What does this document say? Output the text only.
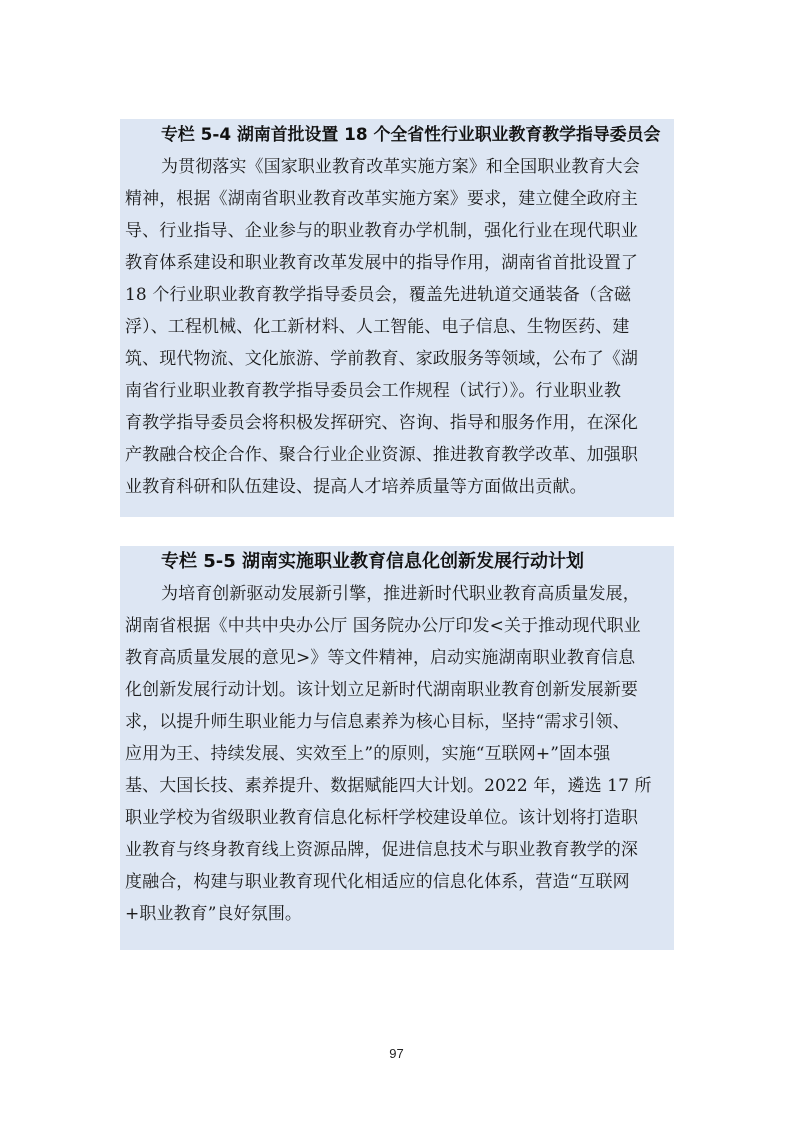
专栏 5-4 湖南首批设置 18 个全省性行业职业教育教学指导委员会
为贯彻落实《国家职业教育改革实施方案》和全国职业教育大会
精神，根据《湖南省职业教育改革实施方案》要求，建立健全政府主
导、行业指导、企业参与的职业教育办学机制，强化行业在现代职业
教育体系建设和职业教育改革发展中的指导作用，湖南省首批设置了
18 个行业职业教育教学指导委员会，覆盖先进轨道交通装备（含磁
浮）、工程机械、化工新材料、人工智能、电子信息、生物医药、建
筑、现代物流、文化旅游、学前教育、家政服务等领域，公布了《湖
南省行业职业教育教学指导委员会工作规程（试行）》。行业职业教
育教学指导委员会将积极发挥研究、咨询、指导和服务作用，在深化
产教融合校企合作、聚合行业企业资源、推进教育教学改革、加强职
业教育科研和队伍建设、提高人才培养质量等方面做出贡献。
专栏 5-5 湖南实施职业教育信息化创新发展行动计划
为培育创新驱动发展新引擎，推进新时代职业教育高质量发展，
湖南省根据《中共中央办公厅 国务院办公厅印发<关于推动现代职业
教育高质量发展的意见>》等文件精神，启动实施湖南职业教育信息
化创新发展行动计划。该计划立足新时代湖南职业教育创新发展新要
求，以提升师生职业能力与信息素养为核心目标，坚持“需求引领、
应用为王、持续发展、实效至上”的原则，实施“互联网+”固本强
基、大国长技、素养提升、数据赋能四大计划。2022 年，遴选 17 所
职业学校为省级职业教育信息化标杆学校建设单位。该计划将打造职
业教育与终身教育线上资源品牌，促进信息技术与职业教育教学的深
度融合，构建与职业教育现代化相适应的信息化体系，营造“互联网
+职业教育”良好氛围。
97
